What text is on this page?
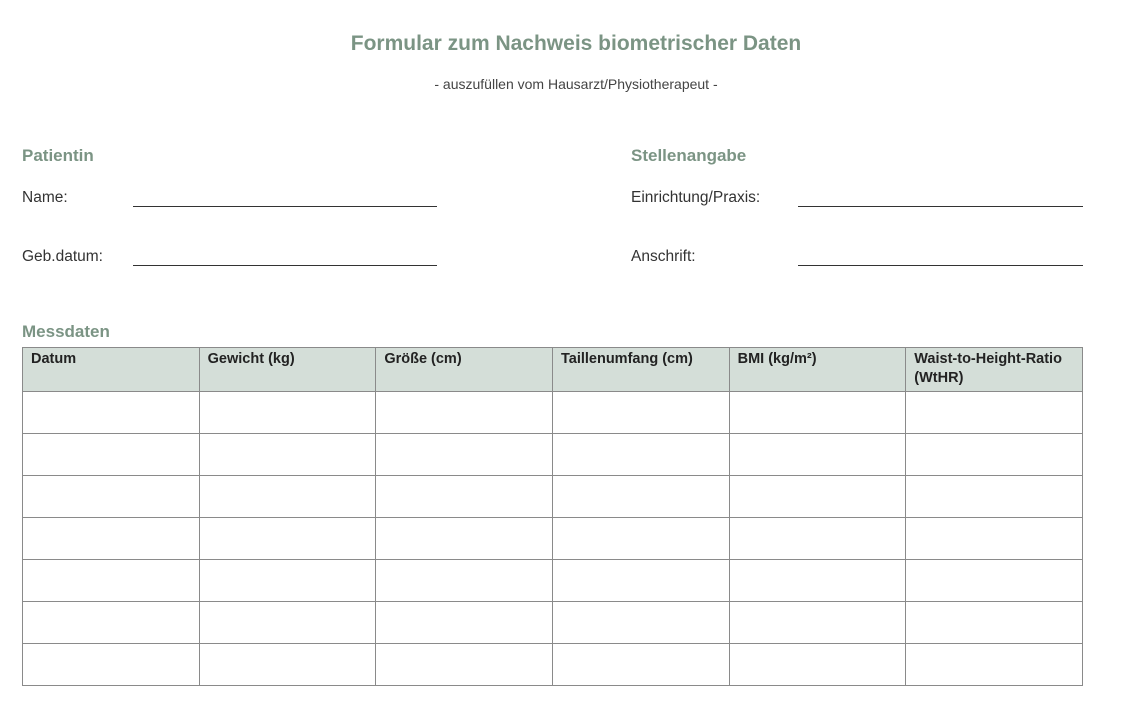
Formular zum Nachweis biometrischer Daten
- auszufüllen vom Hausarzt/Physiotherapeut -
Patientin
Name:
Geb.datum:
Stellenangabe
Einrichtung/Praxis:
Anschrift:
Messdaten
Datum	Gewicht (kg)	Größe (cm)	Taillenumfang (cm)	BMI (kg/m²)	Waist-to-Height-Ratio (WtHR)
